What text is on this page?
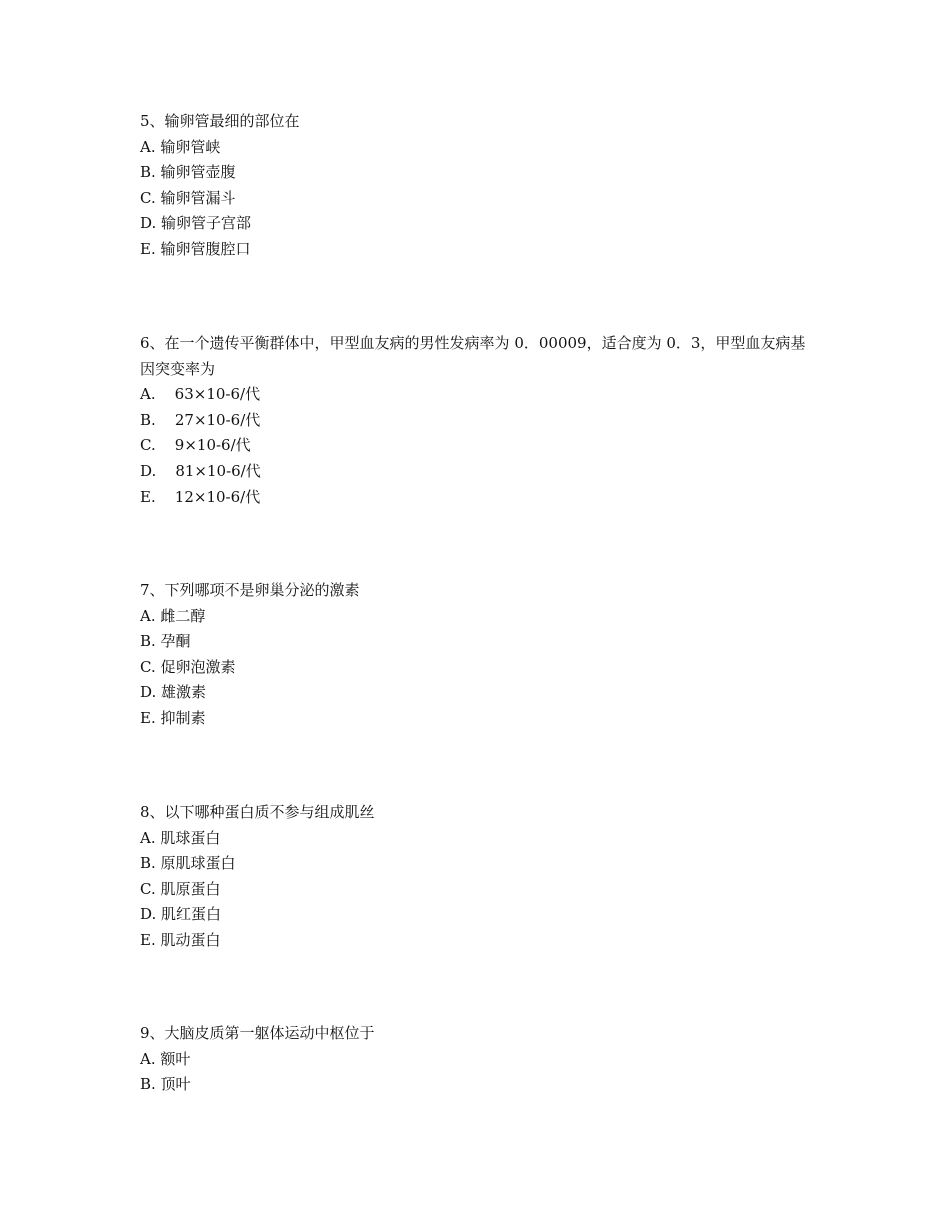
5、输卵管最细的部位在
A. 输卵管峡
B. 输卵管壶腹
C. 输卵管漏斗
D. 输卵管子宫部
E. 输卵管腹腔口
6、在一个遗传平衡群体中，甲型血友病的男性发病率为 0．00009，适合度为 0．3，甲型血友病基因突变率为
A.    63×10-6/代
B.    27×10-6/代
C.    9×10-6/代
D.    81×10-6/代
E.    12×10-6/代
7、下列哪项不是卵巢分泌的激素
A. 雌二醇
B. 孕酮
C. 促卵泡激素
D. 雄激素
E. 抑制素
8、以下哪种蛋白质不参与组成肌丝
A. 肌球蛋白
B. 原肌球蛋白
C. 肌原蛋白
D. 肌红蛋白
E. 肌动蛋白
9、大脑皮质第一躯体运动中枢位于
A. 额叶
B. 顶叶
